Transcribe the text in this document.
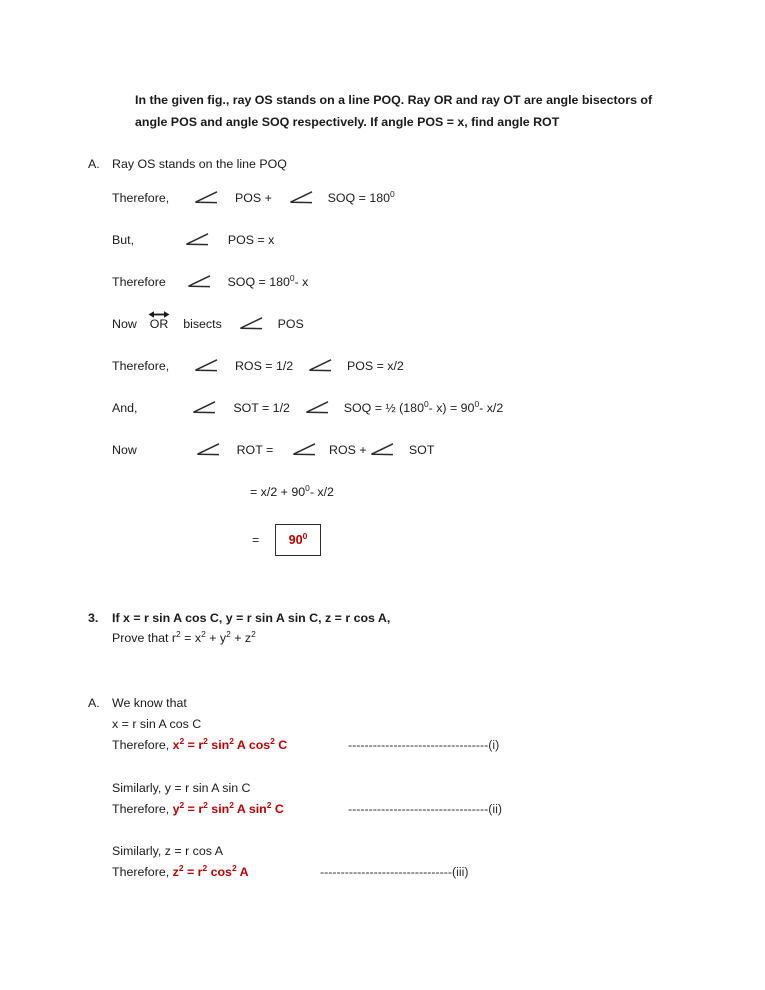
In the given fig., ray OS stands on a line POQ. Ray OR and ray OT are angle bisectors of angle POS and angle SOQ respectively. If angle POS = x, find angle ROT
A. Ray OS stands on the line POQ
Therefore,	POS +	SOQ = $180^0$
But,	POS = x
Therefore	SOQ = $180^0-$ x
Now OR bisects	POS
Therefore,	ROS = 1/2	POS = x/2
And,	SOT = 1/2	SOQ = ½ ($180^0-$ $x) = 90^0-$ x/2
Now	ROT =	ROS +	SOT
= $x/2 + 90^0-$ x/2
= $90^0$
3. If x = r sin A cos C, y = r sin A sin C, z = r cos A,
Prove that $r^2 = x^2 + y^2 + z^2$
A. We know that
x = r sin A cos C
Therefore, $x^2 = r^2$ $\sin^2 A$ $\cos^2 C$	----------------------------------(i)
Similarly, y = r sin A sin C
Therefore, $y^2 = r^2$ $\sin^2 A$ $\sin^2 C$	----------------------------------(ii)
Similarly, z = r cos A
Therefore, $z^2 = r^2$ $\cos^2 A$	--------------------------------(iii)
